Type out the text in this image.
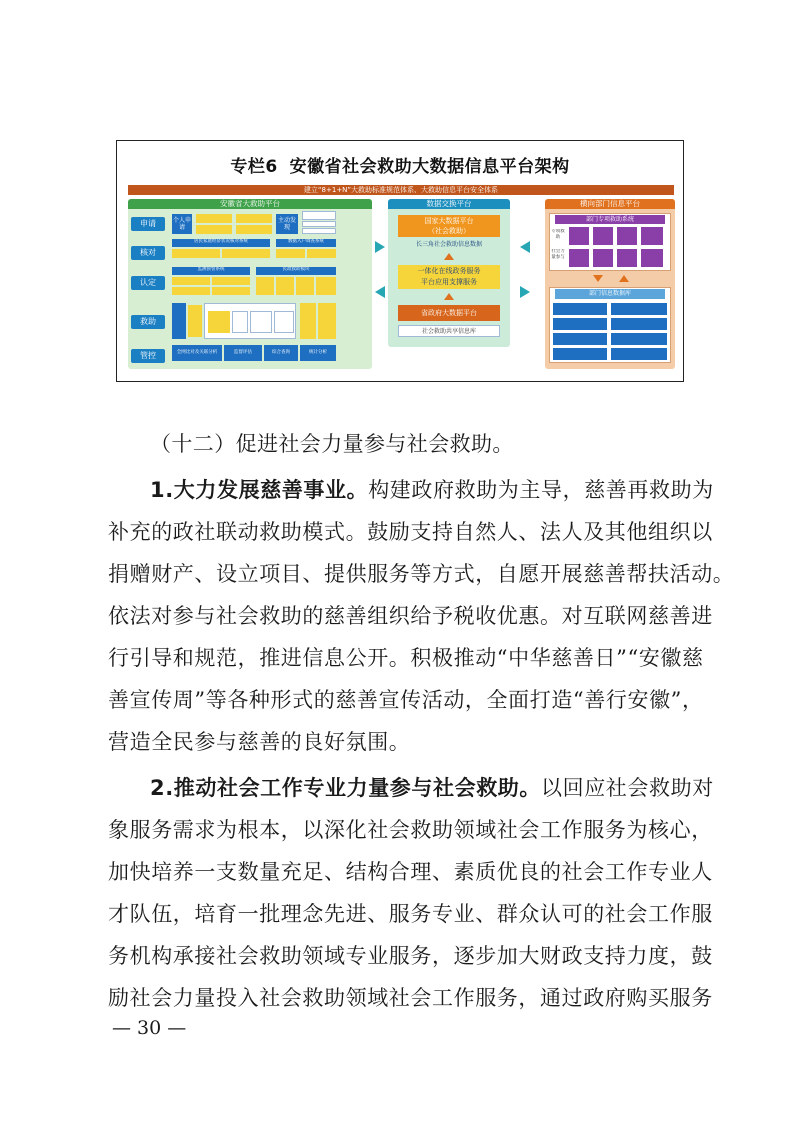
专栏6 安徽省社会救助大数据信息平台架构
建立“8+1+N”大救助标准规范体系、大救助信息平台安全体系
安徽省大救助平台
申请
核对
认定
救助
管控
个人申请
主动发现
居民家庭经济状况核对系统	数据入户调查系统
监测预警系统	民政救助模块
全网比对及关联分析	监督评估	综合查询	统计分析
数据交换平台
国家大数据平台
（社会救助）
长三角社会救助信息数据
一体化在线政务服务
平台应用支撑服务
省政府大数据平台
社会救助共享信息库
横向部门信息平台
部门专项救助系统
专项救助
社会力量参与
部门信息数据库
（十二）促进社会力量参与社会救助。
1.大力发展慈善事业。构建政府救助为主导，慈善再救助为
补充的政社联动救助模式。鼓励支持自然人、法人及其他组织以
捐赠财产、设立项目、提供服务等方式，自愿开展慈善帮扶活动。
依法对参与社会救助的慈善组织给予税收优惠。对互联网慈善进
行引导和规范，推进信息公开。积极推动“中华慈善日”“安徽慈
善宣传周”等各种形式的慈善宣传活动，全面打造“善行安徽”，
营造全民参与慈善的良好氛围。
2.推动社会工作专业力量参与社会救助。以回应社会救助对
象服务需求为根本，以深化社会救助领域社会工作服务为核心，
加快培养一支数量充足、结构合理、素质优良的社会工作专业人
才队伍，培育一批理念先进、服务专业、群众认可的社会工作服
务机构承接社会救助领域专业服务，逐步加大财政支持力度，鼓
励社会力量投入社会救助领域社会工作服务，通过政府购买服务
— 30 —
